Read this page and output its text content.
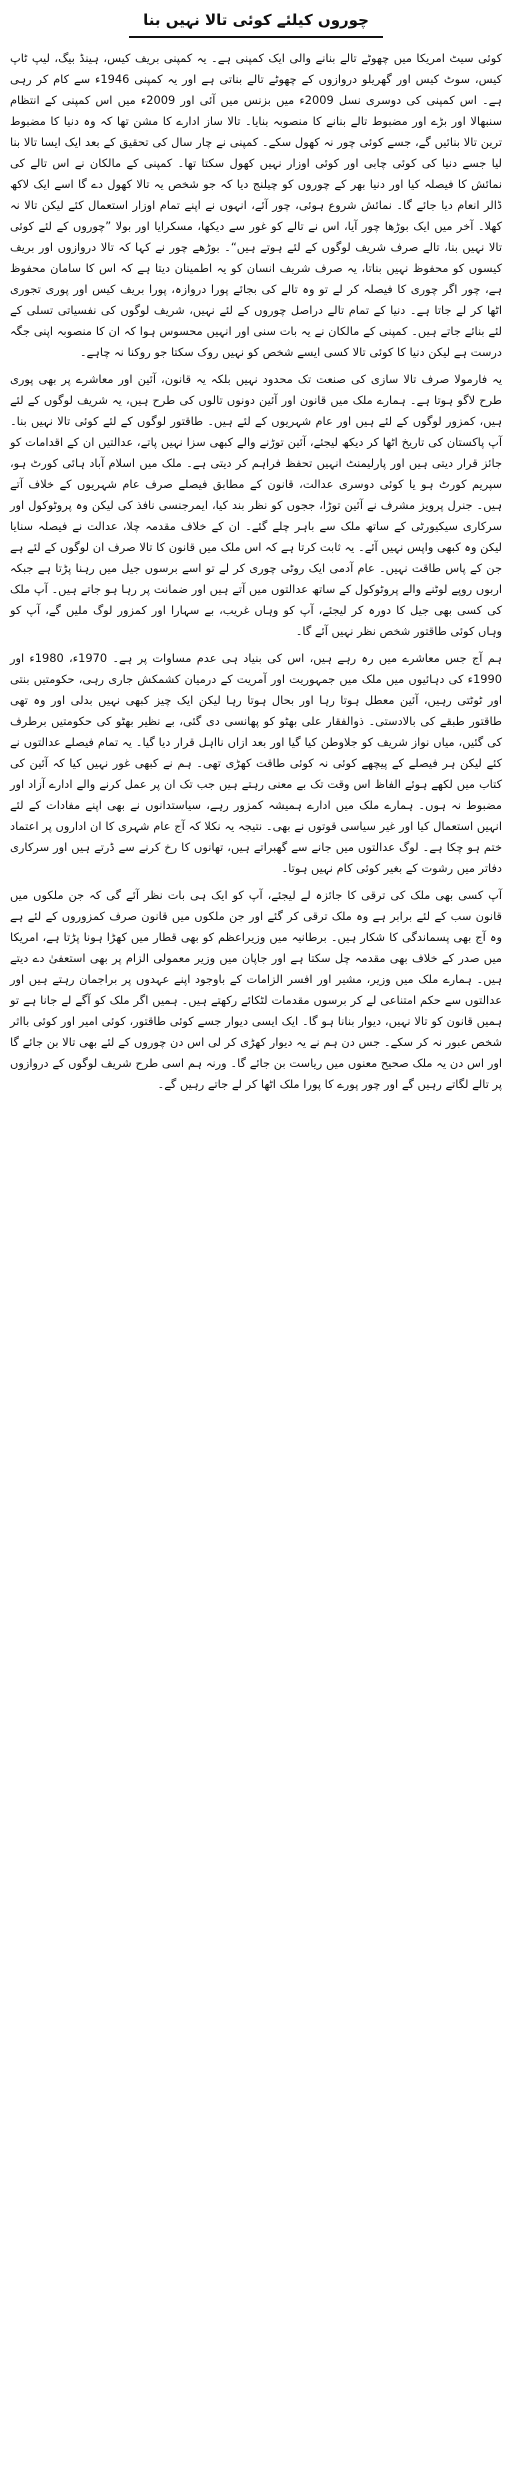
چوروں کیلئے کوئی تالا نہیں بنا

کوئی سیٹ امریکا میں چھوٹے تالے بنانے والی ایک کمپنی ہے۔ یہ کمپنی بریف کیس، ہینڈ بیگ، لیپ ٹاپ کیس، سوٹ کیس اور گھریلو دروازوں کے چھوٹے تالے بناتی ہے اور یہ کمپنی 1946ء سے کام کر رہی ہے۔ اس کمپنی کی دوسری نسل 2009ء میں بزنس میں آئی اور 2009ء میں اس کمپنی کے انتظام سنبھالا اور بڑے اور مضبوط تالے بنانے کا منصوبہ بنایا۔ تالا ساز ادارے کا مشن تھا کہ وہ دنیا کا مضبوط ترین تالا بنائیں گے، جسے کوئی چور نہ کھول سکے۔ کمپنی نے چار سال کی تحقیق کے بعد ایک ایسا تالا بنا لیا جسے دنیا کی کوئی چابی اور کوئی اوزار نہیں کھول سکتا تھا۔ کمپنی کے مالکان نے اس تالے کی نمائش کا فیصلہ کیا اور دنیا بھر کے چوروں کو چیلنج دیا کہ جو شخص یہ تالا کھول دے گا اسے ایک لاکھ ڈالر انعام دیا جائے گا۔ نمائش شروع ہوئی، چور آئے، انہوں نے اپنے تمام اوزار استعمال کئے لیکن تالا نہ کھلا۔ آخر میں ایک بوڑھا چور آیا، اس نے تالے کو غور سے دیکھا، مسکرایا اور بولا ”چوروں کے لئے کوئی تالا نہیں بنا، تالے صرف شریف لوگوں کے لئے ہوتے ہیں“۔ بوڑھے چور نے کہا کہ تالا دروازوں اور بریف کیسوں کو محفوظ نہیں بناتا، یہ صرف شریف انسان کو یہ اطمینان دیتا ہے کہ اس کا سامان محفوظ ہے، چور اگر چوری کا فیصلہ کر لے تو وہ تالے کی بجائے پورا دروازہ، پورا بریف کیس اور پوری تجوری اٹھا کر لے جاتا ہے۔ دنیا کے تمام تالے دراصل چوروں کے لئے نہیں، شریف لوگوں کی نفسیاتی تسلی کے لئے بنائے جاتے ہیں۔ کمپنی کے مالکان نے یہ بات سنی اور انہیں محسوس ہوا کہ ان کا منصوبہ اپنی جگہ درست ہے لیکن دنیا کا کوئی تالا کسی ایسے شخص کو نہیں روک سکتا جو روکنا نہ چاہے۔

یہ فارمولا صرف تالا سازی کی صنعت تک محدود نہیں بلکہ یہ قانون، آئین اور معاشرے پر بھی پوری طرح لاگو ہوتا ہے۔ ہمارے ملک میں قانون اور آئین دونوں تالوں کی طرح ہیں، یہ شریف لوگوں کے لئے ہیں، کمزور لوگوں کے لئے ہیں اور عام شہریوں کے لئے ہیں۔ طاقتور لوگوں کے لئے کوئی تالا نہیں بنا۔ آپ پاکستان کی تاریخ اٹھا کر دیکھ لیجئے، آئین توڑنے والے کبھی سزا نہیں پاتے، عدالتیں ان کے اقدامات کو جائز قرار دیتی ہیں اور پارلیمنٹ انہیں تحفظ فراہم کر دیتی ہے۔ ملک میں اسلام آباد ہائی کورٹ ہو، سپریم کورٹ ہو یا کوئی دوسری عدالت، قانون کے مطابق فیصلے صرف عام شہریوں کے خلاف آتے ہیں۔ جنرل پرویز مشرف نے آئین توڑا، ججوں کو نظر بند کیا، ایمرجنسی نافذ کی لیکن وہ پروٹوکول اور سرکاری سیکیورٹی کے ساتھ ملک سے باہر چلے گئے۔ ان کے خلاف مقدمہ چلا، عدالت نے فیصلہ سنایا لیکن وہ کبھی واپس نہیں آئے۔ یہ ثابت کرتا ہے کہ اس ملک میں قانون کا تالا صرف ان لوگوں کے لئے ہے جن کے پاس طاقت نہیں۔ عام آدمی ایک روٹی چوری کر لے تو اسے برسوں جیل میں رہنا پڑتا ہے جبکہ اربوں روپے لوٹنے والے پروٹوکول کے ساتھ عدالتوں میں آتے ہیں اور ضمانت پر رہا ہو جاتے ہیں۔ آپ ملک کی کسی بھی جیل کا دورہ کر لیجئے، آپ کو وہاں غریب، بے سہارا اور کمزور لوگ ملیں گے، آپ کو وہاں کوئی طاقتور شخص نظر نہیں آئے گا۔

ہم آج جس معاشرے میں رہ رہے ہیں، اس کی بنیاد ہی عدم مساوات پر ہے۔ 1970ء، 1980ء اور 1990ء کی دہائیوں میں ملک میں جمہوریت اور آمریت کے درمیان کشمکش جاری رہی، حکومتیں بنتی اور ٹوٹتی رہیں، آئین معطل ہوتا رہا اور بحال ہوتا رہا لیکن ایک چیز کبھی نہیں بدلی اور وہ تھی طاقتور طبقے کی بالادستی۔ ذوالفقار علی بھٹو کو پھانسی دی گئی، بے نظیر بھٹو کی حکومتیں برطرف کی گئیں، میاں نواز شریف کو جلاوطن کیا گیا اور بعد ازاں نااہل قرار دیا گیا۔ یہ تمام فیصلے عدالتوں نے کئے لیکن ہر فیصلے کے پیچھے کوئی نہ کوئی طاقت کھڑی تھی۔ ہم نے کبھی غور نہیں کیا کہ آئین کی کتاب میں لکھے ہوئے الفاظ اس وقت تک بے معنی رہتے ہیں جب تک ان پر عمل کرنے والے ادارے آزاد اور مضبوط نہ ہوں۔ ہمارے ملک میں ادارے ہمیشہ کمزور رہے، سیاستدانوں نے بھی اپنے مفادات کے لئے انہیں استعمال کیا اور غیر سیاسی قوتوں نے بھی۔ نتیجہ یہ نکلا کہ آج عام شہری کا ان اداروں پر اعتماد ختم ہو چکا ہے۔ لوگ عدالتوں میں جانے سے گھبراتے ہیں، تھانوں کا رخ کرنے سے ڈرتے ہیں اور سرکاری دفاتر میں رشوت کے بغیر کوئی کام نہیں ہوتا۔

آپ کسی بھی ملک کی ترقی کا جائزہ لے لیجئے، آپ کو ایک ہی بات نظر آئے گی کہ جن ملکوں میں قانون سب کے لئے برابر ہے وہ ملک ترقی کر گئے اور جن ملکوں میں قانون صرف کمزوروں کے لئے ہے وہ آج بھی پسماندگی کا شکار ہیں۔ برطانیہ میں وزیراعظم کو بھی قطار میں کھڑا ہونا پڑتا ہے، امریکا میں صدر کے خلاف بھی مقدمہ چل سکتا ہے اور جاپان میں وزیر معمولی الزام پر بھی استعفیٰ دے دیتے ہیں۔ ہمارے ملک میں وزیر، مشیر اور افسر الزامات کے باوجود اپنے عہدوں پر براجمان رہتے ہیں اور عدالتوں سے حکم امتناعی لے کر برسوں مقدمات لٹکائے رکھتے ہیں۔ ہمیں اگر ملک کو آگے لے جانا ہے تو ہمیں قانون کو تالا نہیں، دیوار بنانا ہو گا۔ ایک ایسی دیوار جسے کوئی طاقتور، کوئی امیر اور کوئی بااثر شخص عبور نہ کر سکے۔ جس دن ہم نے یہ دیوار کھڑی کر لی اس دن چوروں کے لئے بھی تالا بن جائے گا اور اس دن یہ ملک صحیح معنوں میں ریاست بن جائے گا۔ ورنہ ہم اسی طرح شریف لوگوں کے دروازوں پر تالے لگاتے رہیں گے اور چور پورے کا پورا ملک اٹھا کر لے جاتے رہیں گے۔
